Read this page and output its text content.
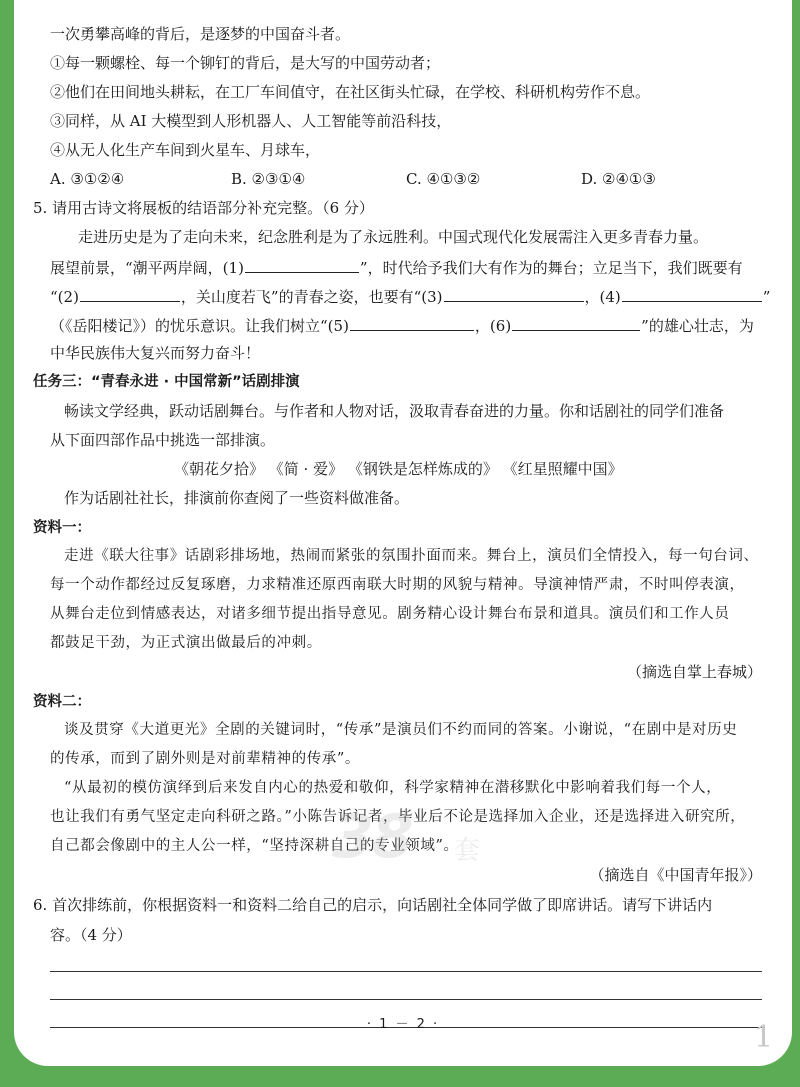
一次勇攀高峰的背后，是逐梦的中国奋斗者。
①每一颗螺栓、每一个铆钉的背后，是大写的中国劳动者；
②他们在田间地头耕耘，在工厂车间值守，在社区街头忙碌，在学校、科研机构劳作不息。
③同样，从 AI 大模型到人形机器人、人工智能等前沿科技，
④从无人化生产车间到火星车、月球车，
A. ③①②④	B. ②③①④	C. ④①③②	D. ②④①③
5. 请用古诗文将展板的结语部分补充完整。（6 分）
走进历史是为了走向未来，纪念胜利是为了永远胜利。中国式现代化发展需注入更多青春力量。
展望前景，“潮平两岸阔，(1)	”，时代给予我们大有作为的舞台；立足当下，我们既要有
“(2)	，关山度若飞”的青春之姿，也要有“(3)	，(4)	”
（《岳阳楼记》）的忧乐意识。让我们树立“(5)	，(6)	”的雄心壮志，为
中华民族伟大复兴而努力奋斗！
任务三：“青春永进 · 中国常新”话剧排演
畅读文学经典，跃动话剧舞台。与作者和人物对话，汲取青春奋进的力量。你和话剧社的同学们准备
从下面四部作品中挑选一部排演。
《朝花夕拾》 《简 · 爱》 《钢铁是怎样炼成的》 《红星照耀中国》
作为话剧社社长，排演前你查阅了一些资料做准备。
资料一：
走进《联大往事》话剧彩排场地，热闹而紧张的氛围扑面而来。舞台上，演员们全情投入，每一句台词、
每一个动作都经过反复琢磨，力求精准还原西南联大时期的风貌与精神。导演神情严肃，不时叫停表演，
从舞台走位到情感表达，对诸多细节提出指导意见。剧务精心设计舞台布景和道具。演员们和工作人员
都鼓足干劲，为正式演出做最后的冲刺。
（摘选自掌上春城）
资料二：
谈及贯穿《大道更光》全剧的关键词时，“传承”是演员们不约而同的答案。小谢说，“在剧中是对历史
的传承，而到了剧外则是对前辈精神的传承”。
“从最初的模仿演绎到后来发自内心的热爱和敬仰，科学家精神在潜移默化中影响着我们每一个人，
也让我们有勇气坚定走向科研之路。”小陈告诉记者，毕业后不论是选择加入企业，还是选择进入研究所，
自己都会像剧中的主人公一样，“坚持深耕自己的专业领域”。
（摘选自《中国青年报》）
6. 首次排练前，你根据资料一和资料二给自己的启示，向话剧社全体同学做了即席讲话。请写下讲话内
容。（4 分）
38 套
· 1 － 2 ·	1
